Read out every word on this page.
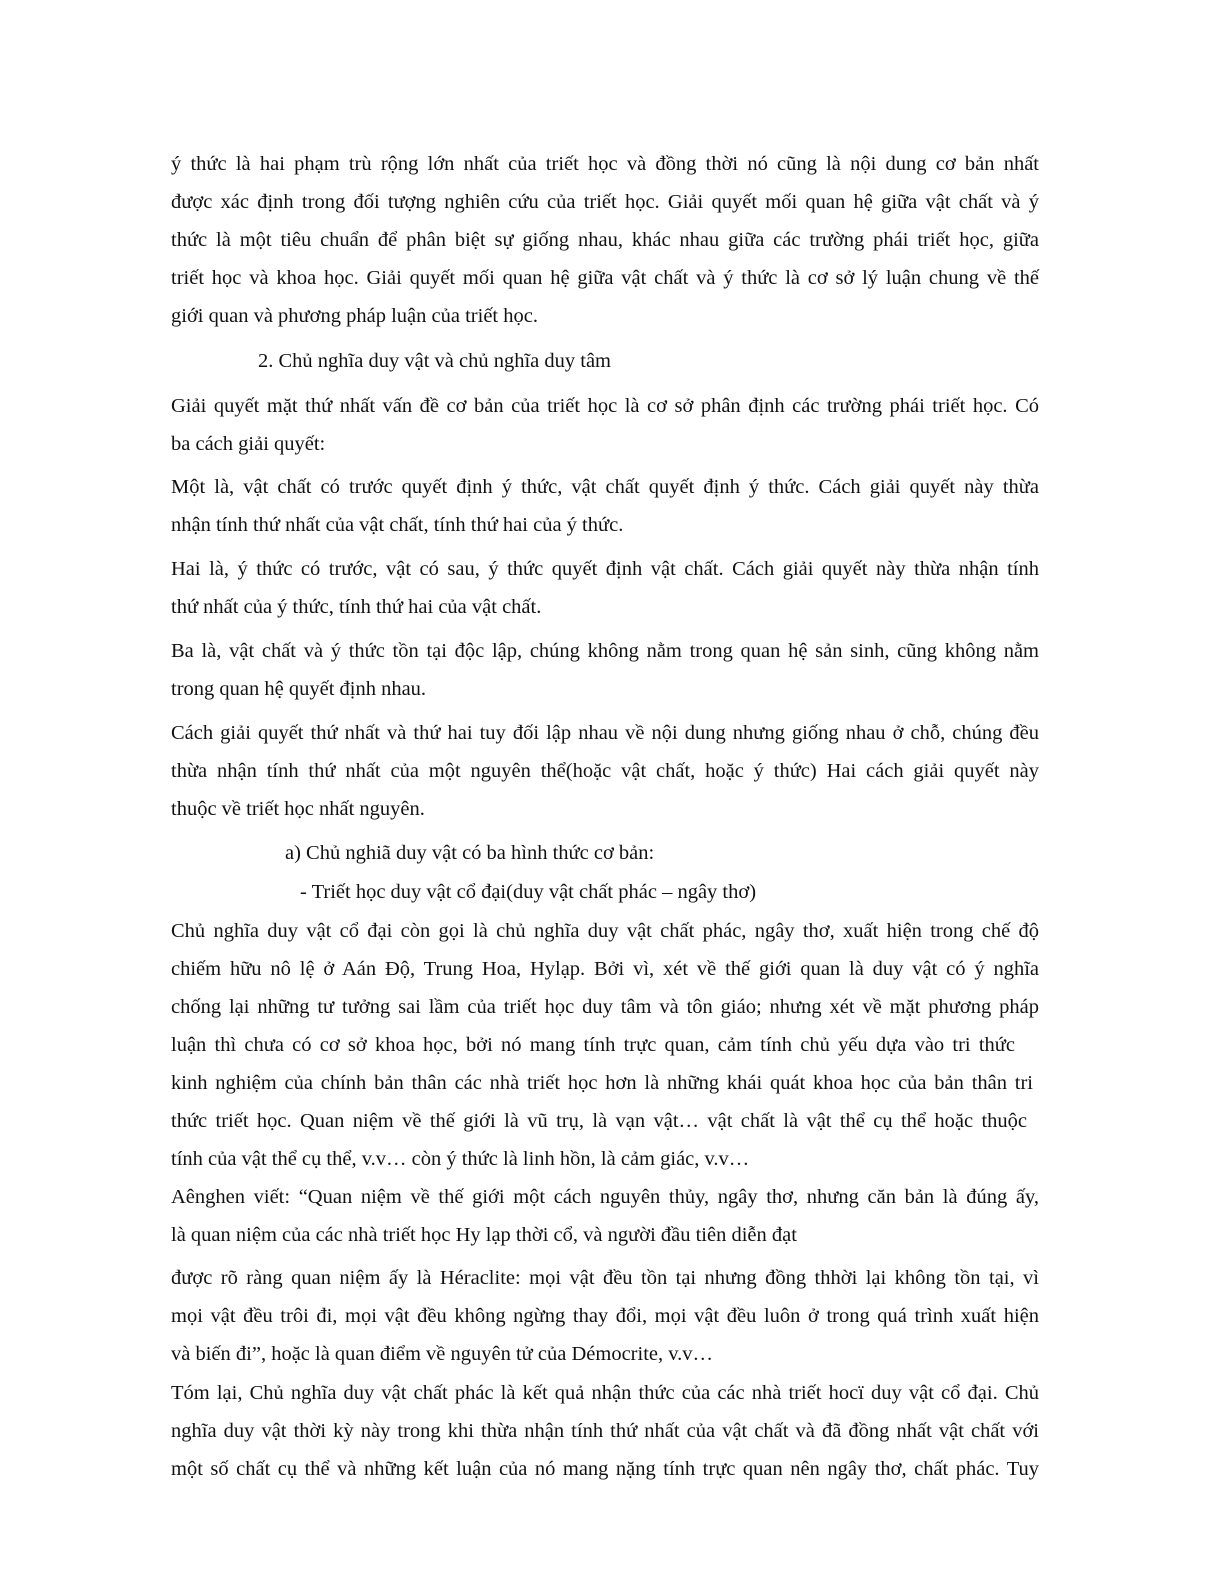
ý thức là hai phạm trù rộng lớn nhất của triết học và đồng thời nó cũng là nội dung cơ bản nhất
được xác định trong đối tượng nghiên cứu của triết học. Giải quyết mối quan hệ giữa vật chất và ý
thức là một tiêu chuẩn để phân biệt sự giống nhau, khác nhau giữa các trường phái triết học, giữa
triết học và khoa học. Giải quyết mối quan hệ giữa vật chất và ý thức là cơ sở lý luận chung về thế
giới quan và phương pháp luận của triết học.
2. Chủ nghĩa duy vật và chủ nghĩa duy tâm
Giải quyết mặt thứ nhất vấn đề cơ bản của triết học là cơ sở phân định các trường phái triết học. Có
ba cách giải quyết:
Một là, vật chất có trước quyết định ý thức, vật chất quyết định ý thức. Cách giải quyết này thừa
nhận tính thứ nhất của vật chất, tính thứ hai của ý thức.
Hai là, ý thức có trước, vật có sau, ý thức quyết định vật chất. Cách giải quyết này thừa nhận tính
thứ nhất của ý thức, tính thứ hai của vật chất.
Ba là, vật chất và ý thức tồn tại độc lập, chúng không nằm trong quan hệ sản sinh, cũng không nằm
trong quan hệ quyết định nhau.
Cách giải quyết thứ nhất và thứ hai tuy đối lập nhau về nội dung nhưng giống nhau ở chỗ, chúng đều
thừa nhận tính thứ nhất của một nguyên thể(hoặc vật chất, hoặc ý thức) Hai cách giải quyết này
thuộc về triết học nhất nguyên.
a) Chủ nghiã duy vật có ba hình thức cơ bản:
- Triết học duy vật cổ đại(duy vật chất phác – ngây thơ)
Chủ nghĩa duy vật cổ đại còn gọi là chủ nghĩa duy vật chất phác, ngây thơ, xuất hiện trong chế độ
chiếm hữu nô lệ ở Aán Độ, Trung Hoa, Hylạp. Bởi vì, xét về thế giới quan là duy vật có ý nghĩa
chống lại những tư tưởng sai lầm của triết học duy tâm và tôn giáo; nhưng xét về mặt phương pháp
luận thì chưa có cơ sở khoa học, bởi nó mang tính trực quan, cảm tính chủ yếu dựa vào tri thức
kinh nghiệm của chính bản thân các nhà triết học hơn là những khái quát khoa học của bản thân tri
thức triết học. Quan niệm về thế giới là vũ trụ, là vạn vật… vật chất là vật thể cụ thể hoặc thuộc
tính của vật thể cụ thể, v.v… còn ý thức là linh hồn, là cảm giác, v.v…
Aênghen viết: “Quan niệm về thế giới một cách nguyên thủy, ngây thơ, nhưng căn bản là đúng ấy,
là quan niệm của các nhà triết học Hy lạp thời cổ, và người đầu tiên diễn đạt
được rõ ràng quan niệm ấy là Héraclite: mọi vật đều tồn tại nhưng đồng thhời lại không tồn tại, vì
mọi vật đều trôi đi, mọi vật đều không ngừng thay đổi, mọi vật đều luôn ở trong quá trình xuất hiện
và biến đi”, hoặc là quan điểm về nguyên tử của Démocrite, v.v…
Tóm lại, Chủ nghĩa duy vật chất phác là kết quả nhận thức của các nhà triết hocï duy vật cổ đại. Chủ
nghĩa duy vật thời kỳ này trong khi thừa nhận tính thứ nhất của vật chất và đã đồng nhất vật chất với
một số chất cụ thể và những kết luận của nó mang nặng tính trực quan nên ngây thơ, chất phác. Tuy
